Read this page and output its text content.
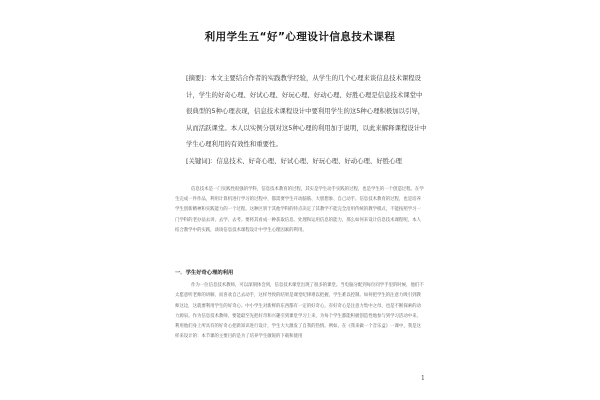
利用学生五“好”心理设计信息技术课程

[摘要]：本文主要结合作者的实践教学经验，从学生的几个心理来谈信息技术课程设计，学生的好奇心理、好试心理、好玩心理、好动心理、好胜心理是信息技术课堂中很典型的5种心理表现，信息技术课程设计中要利用学生的这5种心理积极加以引导，从而活跃课堂。本人以实例分别对这5种心理的利用加于说明，以此来解释课程设计中学生心理利用的有效性和重要性。

[关键词]：信息技术、好奇心理、好试心理、好玩心理、好动心理、好胜心理

信息技术是一门实践性很强的学科，信息技术教育的过程，其实是学生动手实践的过程，也是学生的一个创造过程。在学生完成一件作品，利用计算机进行学习的过程中，都需要学生开动脑筋、大胆想象、自己动手。信息技术教育的过程，也是培养学生创新精神和实践能力的一个过程。这种区别于其他学科的特点决定了其教学不能完全沿用传统的教学模式，不能按照学习一门学科的老办法去讲、去学、去考。要将其看成一种获取信息、处理和运用信息的能力，那么如何来设计信息技术课程呢，本人结合教学中的实践，谈谈信息技术课程设计中学生心理因素的利用。

一．学生好奇心理的利用

作为一位信息技术教师，可以深刻体会到，信息技术课堂出现了很多的课堂。当电脑分配到每位同学手里的时候，他们不太愿意听老师的讲解，而喜欢自己去动手，这样导致的结果是课堂纪律难以把握，学生难以控制。如何把学生的注意力吸引到教师这边，这就要利用学生的好奇心。中小学生对新鲜的东西都有一定的好奇心，有好奇心是注意力集中之母，也是不断探索的动力源泉。作为信息技术教师，要能最至先把好奇和兴趣引到课堂学习上来，为每个学生都能积极创造性地参与到学习活动中来，利用他们身上所具有的好奇心把新知识进行设计，学生大大激发了自我的热情。例如，在《我来做一个音乐盒》一课中，我是这样来设计的：本节课的主要目的是为了培养学生敏锐的下载和使用

1
